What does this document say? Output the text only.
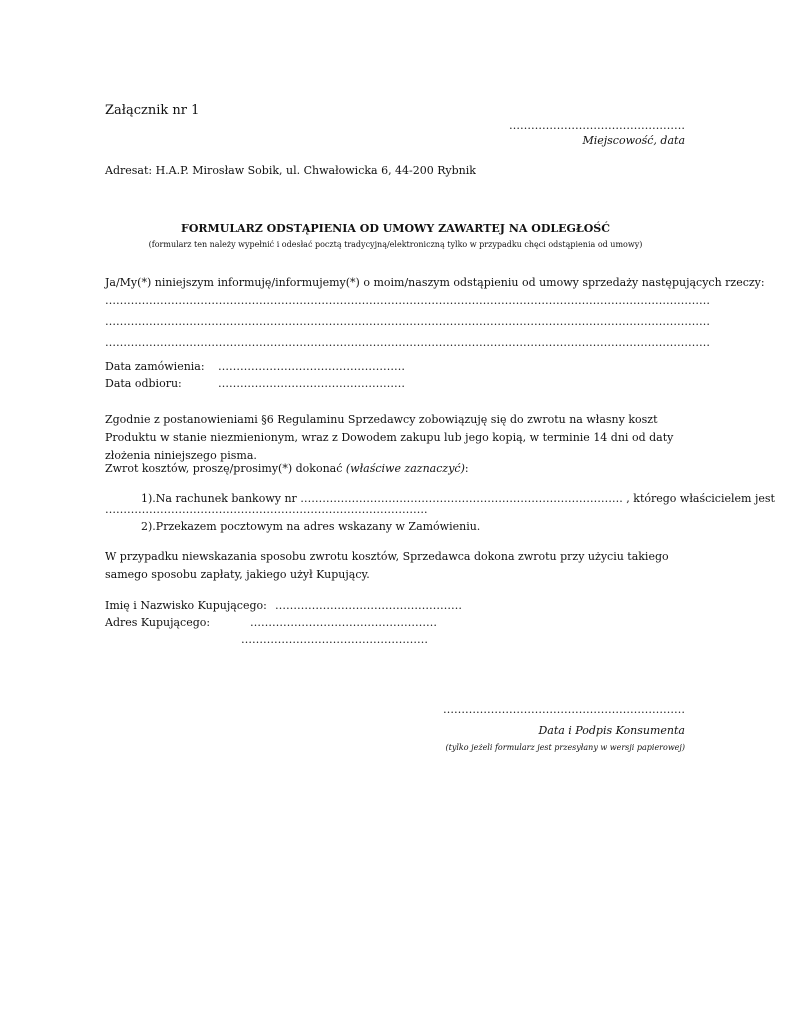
Załącznik nr 1
…………………………………………
Miejscowość, data
Adresat: H.A.P. Mirosław Sobik, ul. Chwałowicka 6, 44-200 Rybnik
FORMULARZ ODSTĄPIENIA OD UMOWY ZAWARTEJ NA ODLEGŁOŚĆ
(formularz ten należy wypełnić i odesłać pocztą tradycyjną/elektroniczną tylko w przypadku chęci odstąpienia od umowy)
Ja/My(*) niniejszym informuję/informujemy(*) o moim/naszym odstąpieniu od umowy sprzedaży następujących rzeczy:
…………………………………………………………………………………………………………………………………………………
…………………………………………………………………………………………………………………………………………………
…………………………………………………………………………………………………………………………………………………
Data zamówienia: ……………………………………………
Data odbioru:	……………………………………………
Zgodnie z postanowieniami §6 Regulaminu Sprzedawcy zobowiązuję się do zwrotu na własny koszt Produktu w stanie niezmienionym, wraz z Dowodem zakupu lub jego kopią, w terminie 14 dni od daty złożenia niniejszego pisma.
Zwrot kosztów, proszę/prosimy(*) dokonać (właściwe zaznaczyć):
1).Na rachunek bankowy nr ……………………………………………………………………………. , którego właścicielem jest
…………………………………………………………………………….
2).Przekazem pocztowym na adres wskazany w Zamówieniu.
W przypadku niewskazania sposobu zwrotu kosztów, Sprzedawca dokona zwrotu przy użyciu takiego samego sposobu zapłaty, jakiego użył Kupujący.
Imię i Nazwisko Kupującego: ……………………………………………
Adres Kupującego:	……………………………………………
……………………………………………
…………………………………………………………
Data i Podpis Konsumenta
(tylko jeżeli formularz jest przesyłany w wersji papierowej)
